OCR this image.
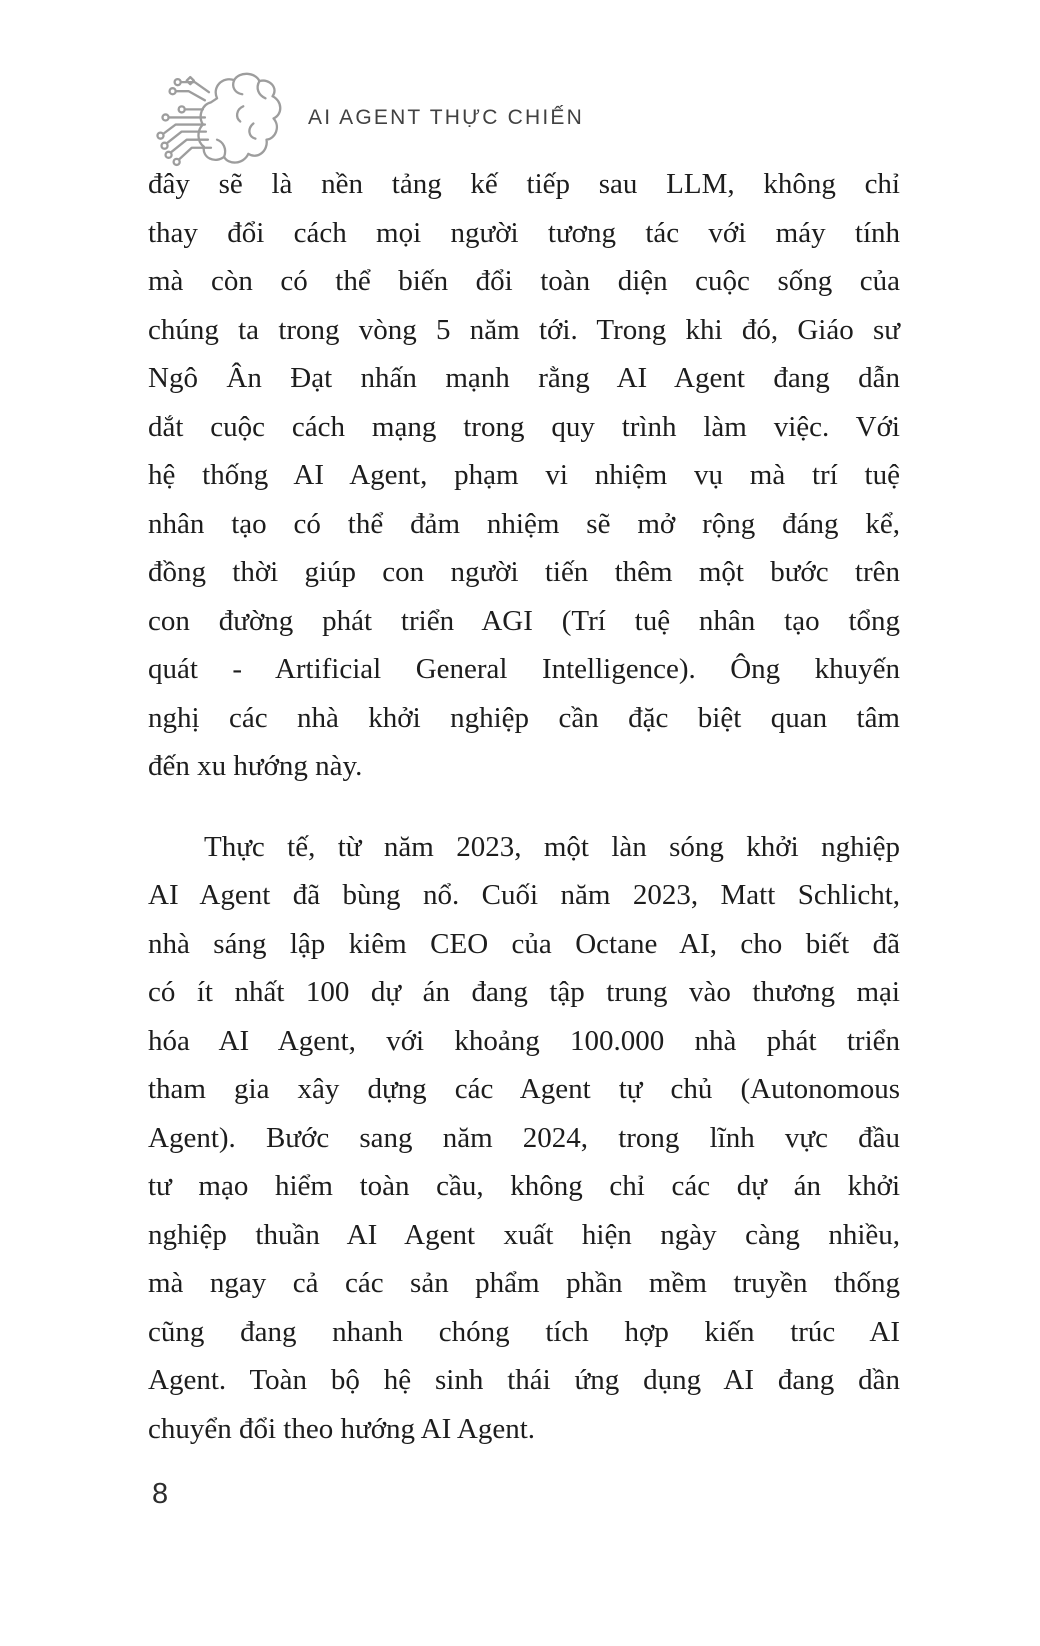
AI AGENT THỰC CHIẾN
đây sẽ là nền tảng kế tiếp sau LLM, không chỉ
thay đổi cách mọi người tương tác với máy tính
mà còn có thể biến đổi toàn diện cuộc sống của
chúng ta trong vòng 5 năm tới. Trong khi đó, Giáo sư
Ngô Ân Đạt nhấn mạnh rằng AI Agent đang dẫn
dắt cuộc cách mạng trong quy trình làm việc. Với
hệ thống AI Agent, phạm vi nhiệm vụ mà trí tuệ
nhân tạo có thể đảm nhiệm sẽ mở rộng đáng kể,
đồng thời giúp con người tiến thêm một bước trên
con đường phát triển AGI (Trí tuệ nhân tạo tổng
quát - Artificial General Intelligence). Ông khuyến
nghị các nhà khởi nghiệp cần đặc biệt quan tâm
đến xu hướng này.
Thực tế, từ năm 2023, một làn sóng khởi nghiệp
AI Agent đã bùng nổ. Cuối năm 2023, Matt Schlicht,
nhà sáng lập kiêm CEO của Octane AI, cho biết đã
có ít nhất 100 dự án đang tập trung vào thương mại
hóa AI Agent, với khoảng 100.000 nhà phát triển
tham gia xây dựng các Agent tự chủ (Autonomous
Agent). Bước sang năm 2024, trong lĩnh vực đầu
tư mạo hiểm toàn cầu, không chỉ các dự án khởi
nghiệp thuần AI Agent xuất hiện ngày càng nhiều,
mà ngay cả các sản phẩm phần mềm truyền thống
cũng đang nhanh chóng tích hợp kiến trúc AI
Agent. Toàn bộ hệ sinh thái ứng dụng AI đang dần
chuyển đổi theo hướng AI Agent.
8
